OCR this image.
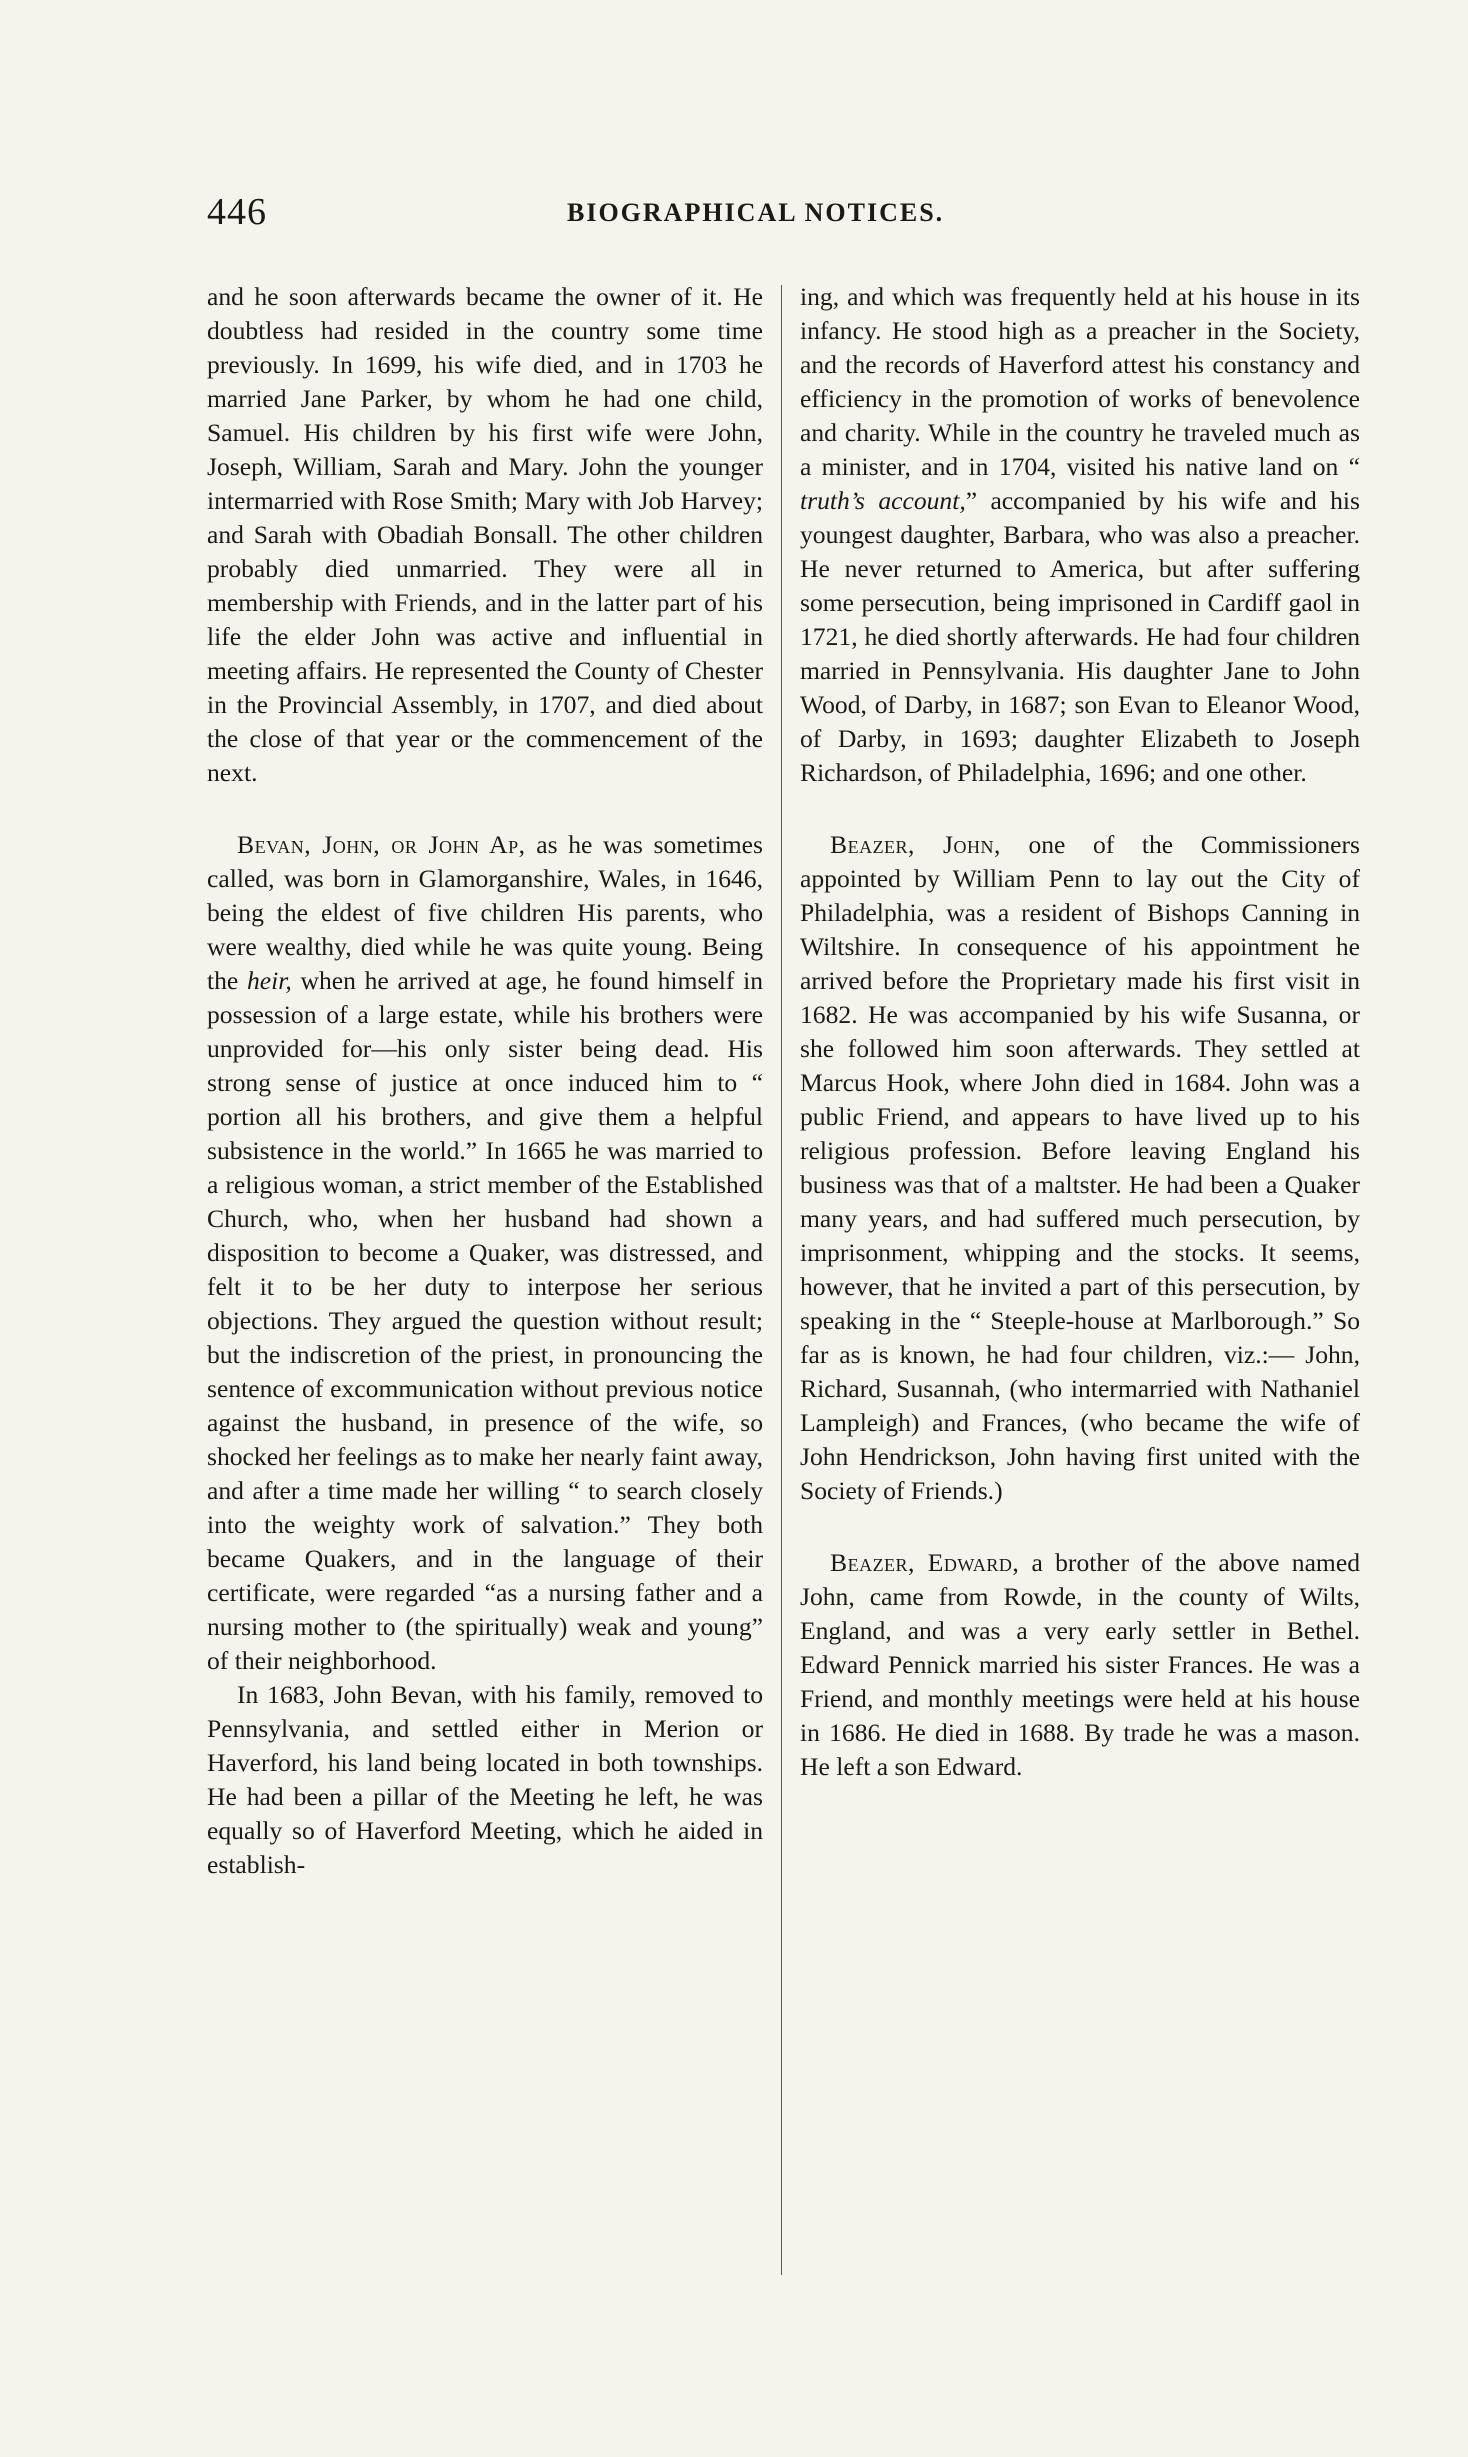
446	BIOGRAPHICAL NOTICES.

and he soon afterwards became the owner of it. He doubtless had resided in the country some time previously. In 1699, his wife died, and in 1703 he married Jane Parker, by whom he had one child, Samuel. His children by his first wife were John, Joseph, William, Sarah and Mary. John the younger intermarried with Rose Smith; Mary with Job Harvey; and Sarah with Obadiah Bonsall. The other children probably died unmarried. They were all in membership with Friends, and in the latter part of his life the elder John was active and influential in meeting affairs. He represented the County of Chester in the Provincial Assembly, in 1707, and died about the close of that year or the commencement of the next.

Bevan, John, or John Ap, as he was sometimes called, was born in Glamorganshire, Wales, in 1646, being the eldest of five children His parents, who were wealthy, died while he was quite young. Being the heir, when he arrived at age, he found himself in possession of a large estate, while his brothers were unprovided for—his only sister being dead. His strong sense of justice at once induced him to “ portion all his brothers, and give them a helpful subsistence in the world.” In 1665 he was married to a religious woman, a strict member of the Established Church, who, when her husband had shown a disposition to become a Quaker, was distressed, and felt it to be her duty to interpose her serious objections. They argued the question without result; but the indiscretion of the priest, in pronouncing the sentence of excommunication without previous notice against the husband, in presence of the wife, so shocked her feelings as to make her nearly faint away, and after a time made her willing “ to search closely into the weighty work of salvation.” They both became Quakers, and in the language of their certificate, were regarded “as a nursing father and a nursing mother to (the spiritually) weak and young” of their neighborhood.

In 1683, John Bevan, with his family, removed to Pennsylvania, and settled either in Merion or Haverford, his land being located in both townships. He had been a pillar of the Meeting he left, he was equally so of Haverford Meeting, which he aided in establish-

ing, and which was frequently held at his house in its infancy. He stood high as a preacher in the Society, and the records of Haverford attest his constancy and efficiency in the promotion of works of benevolence and charity. While in the country he traveled much as a minister, and in 1704, visited his native land on “ truth’s account,” accompanied by his wife and his youngest daughter, Barbara, who was also a preacher. He never returned to America, but after suffering some persecution, being imprisoned in Cardiff gaol in 1721, he died shortly afterwards. He had four children married in Pennsylvania. His daughter Jane to John Wood, of Darby, in 1687; son Evan to Eleanor Wood, of Darby, in 1693; daughter Elizabeth to Joseph Richardson, of Philadelphia, 1696; and one other.

Beazer, John, one of the Commissioners appointed by William Penn to lay out the City of Philadelphia, was a resident of Bishops Canning in Wiltshire. In consequence of his appointment he arrived before the Proprietary made his first visit in 1682. He was accompanied by his wife Susanna, or she followed him soon afterwards. They settled at Marcus Hook, where John died in 1684. John was a public Friend, and appears to have lived up to his religious profession. Before leaving England his business was that of a maltster. He had been a Quaker many years, and had suffered much persecution, by imprisonment, whipping and the stocks. It seems, however, that he invited a part of this persecution, by speaking in the “ Steeple-house at Marlborough.” So far as is known, he had four children, viz.:— John, Richard, Susannah, (who intermarried with Nathaniel Lampleigh) and Frances, (who became the wife of John Hendrickson, John having first united with the Society of Friends.)

Beazer, Edward, a brother of the above named John, came from Rowde, in the county of Wilts, England, and was a very early settler in Bethel. Edward Pennick married his sister Frances. He was a Friend, and monthly meetings were held at his house in 1686. He died in 1688. By trade he was a mason. He left a son Edward.
